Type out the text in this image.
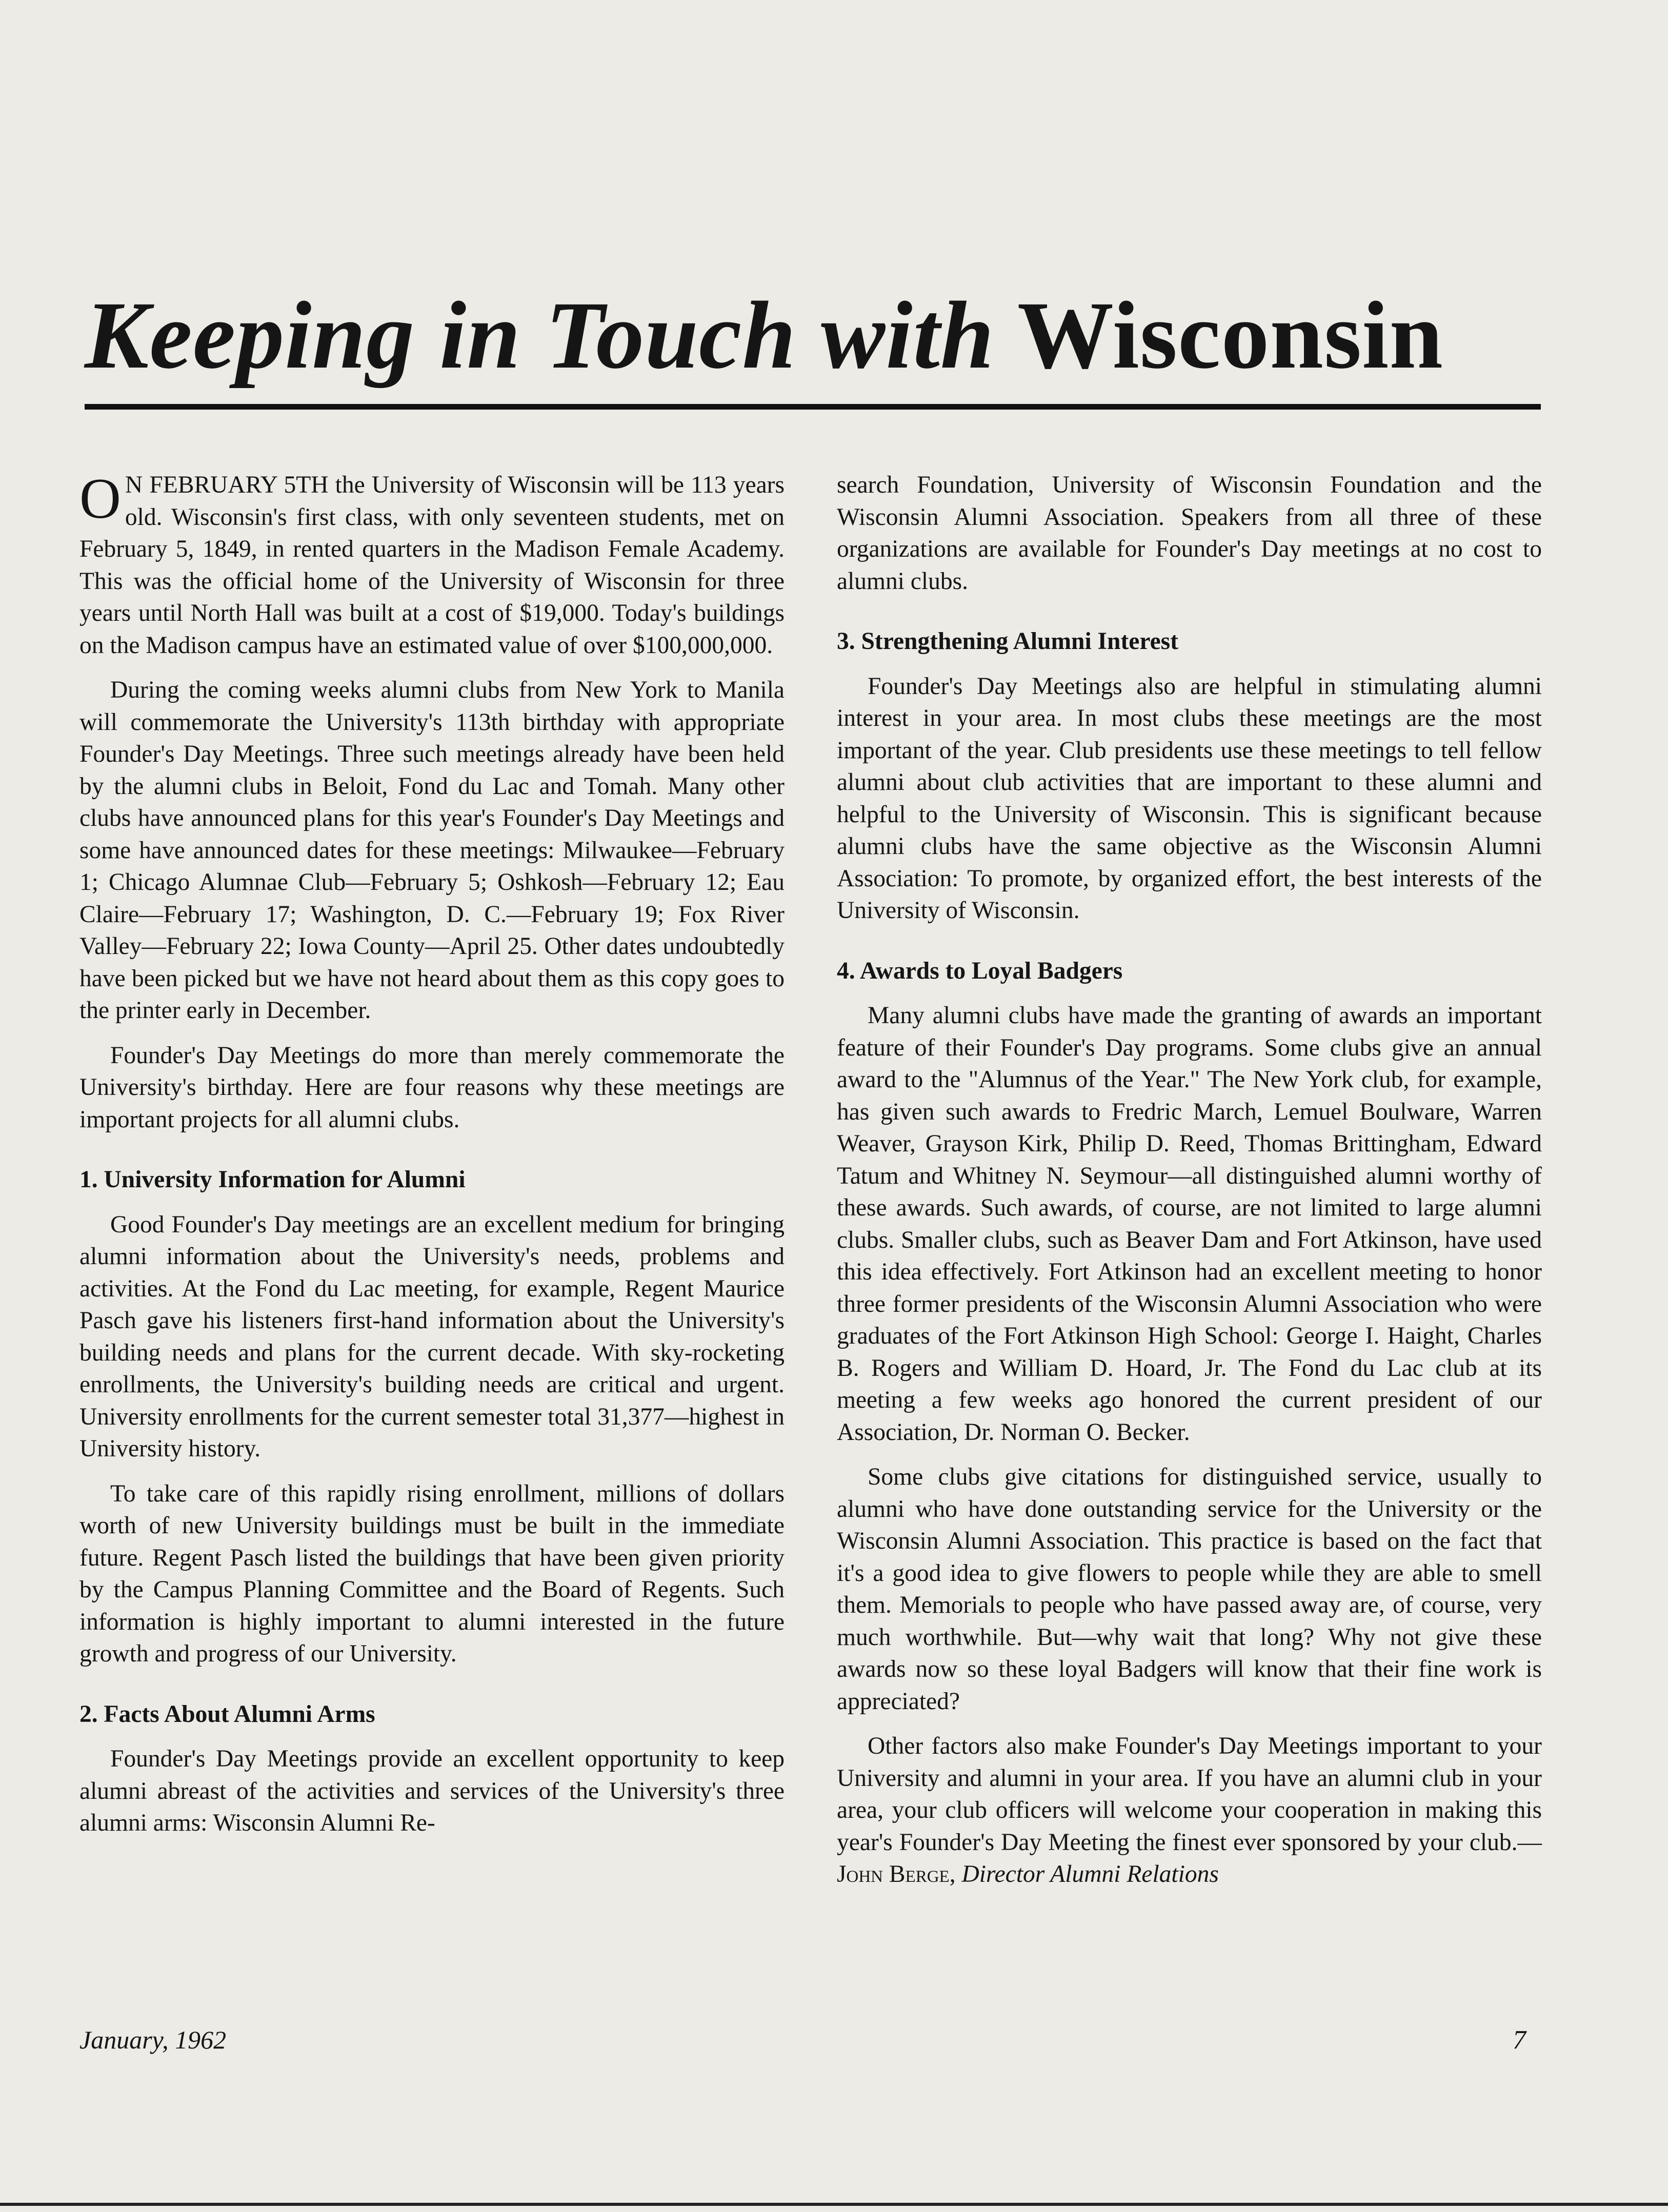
Keeping in Touch with Wisconsin

O N FEBRUARY 5TH the University of Wisconsin will be 113 years old. Wisconsin's first class, with only seventeen students, met on February 5, 1849, in rented quarters in the Madison Female Academy. This was the official home of the University of Wisconsin for three years until North Hall was built at a cost of $19,000. Today's buildings on the Madison campus have an estimated value of over $100,000,000.

During the coming weeks alumni clubs from New York to Manila will commemorate the University's 113th birthday with appropriate Founder's Day Meetings. Three such meetings already have been held by the alumni clubs in Beloit, Fond du Lac and Tomah. Many other clubs have announced plans for this year's Founder's Day Meetings and some have announced dates for these meetings: Milwaukee—February 1; Chicago Alumnae Club—February 5; Oshkosh—February 12; Eau Claire—February 17; Washington, D. C.—February 19; Fox River Valley—February 22; Iowa County—April 25. Other dates undoubtedly have been picked but we have not heard about them as this copy goes to the printer early in December.

Founder's Day Meetings do more than merely commemorate the University's birthday. Here are four reasons why these meetings are important projects for all alumni clubs.

1. University Information for Alumni

Good Founder's Day meetings are an excellent medium for bringing alumni information about the University's needs, problems and activities. At the Fond du Lac meeting, for example, Regent Maurice Pasch gave his listeners first-hand information about the University's building needs and plans for the current decade. With sky-rocketing enrollments, the University's building needs are critical and urgent. University enrollments for the current semester total 31,377—highest in University history.

To take care of this rapidly rising enrollment, millions of dollars worth of new University buildings must be built in the immediate future. Regent Pasch listed the buildings that have been given priority by the Campus Planning Committee and the Board of Regents. Such information is highly important to alumni interested in the future growth and progress of our University.

2. Facts About Alumni Arms

Founder's Day Meetings provide an excellent opportunity to keep alumni abreast of the activities and services of the University's three alumni arms: Wisconsin Alumni Re-

search Foundation, University of Wisconsin Foundation and the Wisconsin Alumni Association. Speakers from all three of these organizations are available for Founder's Day meetings at no cost to alumni clubs.

3. Strengthening Alumni Interest

Founder's Day Meetings also are helpful in stimulating alumni interest in your area. In most clubs these meetings are the most important of the year. Club presidents use these meetings to tell fellow alumni about club activities that are important to these alumni and helpful to the University of Wisconsin. This is significant because alumni clubs have the same objective as the Wisconsin Alumni Association: To promote, by organized effort, the best interests of the University of Wisconsin.

4. Awards to Loyal Badgers

Many alumni clubs have made the granting of awards an important feature of their Founder's Day programs. Some clubs give an annual award to the "Alumnus of the Year." The New York club, for example, has given such awards to Fredric March, Lemuel Boulware, Warren Weaver, Grayson Kirk, Philip D. Reed, Thomas Brittingham, Edward Tatum and Whitney N. Seymour—all distinguished alumni worthy of these awards. Such awards, of course, are not limited to large alumni clubs. Smaller clubs, such as Beaver Dam and Fort Atkinson, have used this idea effectively. Fort Atkinson had an excellent meeting to honor three former presidents of the Wisconsin Alumni Association who were graduates of the Fort Atkinson High School: George I. Haight, Charles B. Rogers and William D. Hoard, Jr. The Fond du Lac club at its meeting a few weeks ago honored the current president of our Association, Dr. Norman O. Becker.

Some clubs give citations for distinguished service, usually to alumni who have done outstanding service for the University or the Wisconsin Alumni Association. This practice is based on the fact that it's a good idea to give flowers to people while they are able to smell them. Memorials to people who have passed away are, of course, very much worthwhile. But—why wait that long? Why not give these awards now so these loyal Badgers will know that their fine work is appreciated?

Other factors also make Founder's Day Meetings important to your University and alumni in your area. If you have an alumni club in your area, your club officers will welcome your cooperation in making this year's Founder's Day Meeting the finest ever sponsored by your club.—John Berge, Director Alumni Relations

January, 1962	7
